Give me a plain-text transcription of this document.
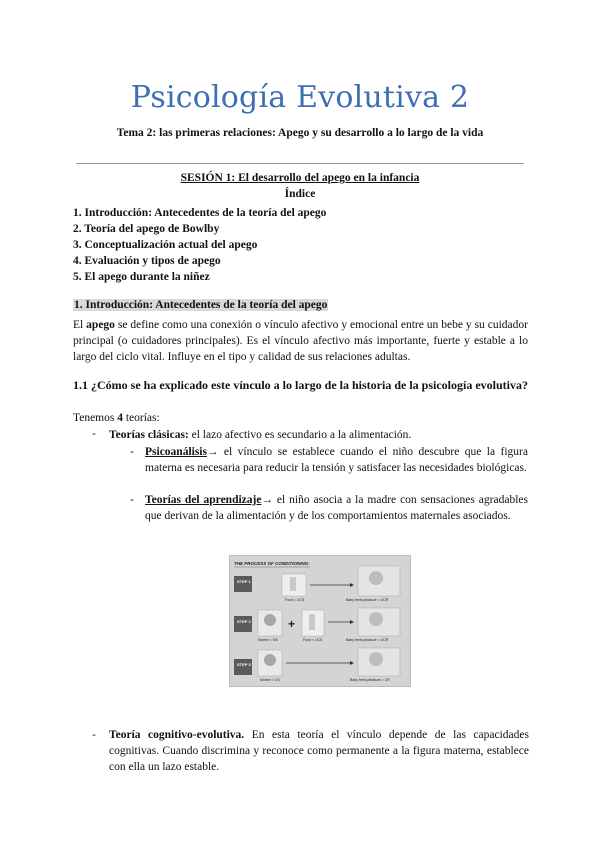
Psicología Evolutiva 2
Tema 2: las primeras relaciones: Apego y su desarrollo a lo largo de la vida
SESIÓN 1: El desarrollo del apego en la infancia
Índice
1. Introducción: Antecedentes de la teoría del apego
2. Teoría del apego de Bowlby
3. Conceptualización actual del apego
4. Evaluación y tipos de apego
5. El apego durante la niñez
1. Introducción: Antecedentes de la teoría del apego
El apego se define como una conexión o vínculo afectivo y emocional entre un bebe y su cuidador principal (o cuidadores principales). Es el vínculo afectivo más importante, fuerte y estable a lo largo del ciclo vital. Influye en el tipo y calidad de sus relaciones adultas.
1.1 ¿Cómo se ha explicado este vínculo a lo largo de la historia de la psicología evolutiva?
Tenemos 4 teorías:
- Teorías clásicas: el lazo afectivo es secundario a la alimentación.
- Psicoanálisis→ el vínculo se establece cuando el niño descubre que la figura materna es necesaria para reducir la tensión y satisfacer las necesidades biológicas.
- Teorías del aprendizaje→ el niño asocia a la madre con sensaciones agradables que derivan de la alimentación y de los comportamientos maternales asociados.
THE PROCESS OF CONDITIONING:
STEP 1
Food = UCS	Baby feels pleasure = UCR
STEP 2
Mother = NS
+
Food = UCS	Baby feels pleasure = UCR
STEP 3
Mother = CS	Baby feels pleasure = CR
- Teoría cognitivo-evolutiva. En esta teoría el vínculo depende de las capacidades cognitivas. Cuando discrimina y reconoce como permanente a la figura materna, establece con ella un lazo estable.
